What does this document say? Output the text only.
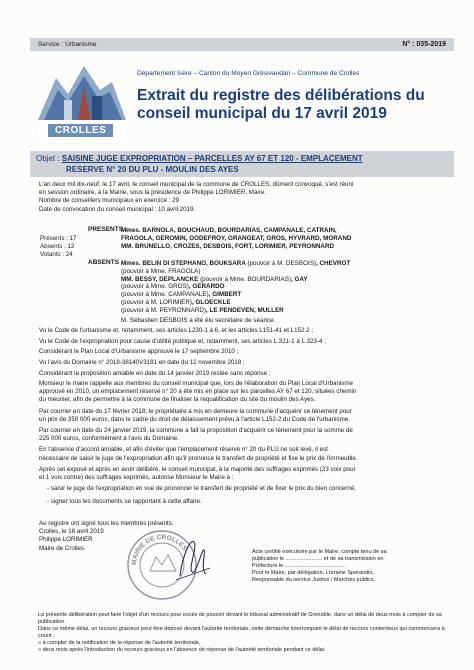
Service : Urbanisme	N° : 035-2019
CROLLES
Département Isère – Canton du Moyen Grésivaudan – Commune de Crolles
Extrait du registre des délibérations du
conseil municipal du 17 avril 2019
Objet : SAISINE JUGE EXPROPRIATION – PARCELLES AY 67 ET 120 - EMPLACEMENT
RESERVE N° 20 DU PLU - MOULIN DES AYES
L'an deux mil dix-neuf, le 17 avril, le conseil municipal de la commune de CROLLES, dûment convoqué, s'est réuni
en session ordinaire, à la Mairie, sous la présidence de Philippe LORIMIER, Maire.
Nombre de conseillers municipaux en exercice : 29
Date de convocation du conseil municipal : 10 avril 2019.
Présents : 17
Absents : 12
Votants : 24
PRESENTS :
Mmes. BARNOLA, BOUCHAUD, BOURDARIAS, CAMPANALE, CATRAIN,
FRAGOLA, GEROMIN, GODEFROY, GRANGEAT, GROS, HYVRARD, MORAND
MM. BRUNELLO, CROZES, DESBOIS, FORT, LORIMIER, PEYRONNARD
ABSENTS :
Mmes. BELIN DI STEPHANO, BOUKSARA (pouvoir à M. DESBOIS), CHEVROT
(pouvoir à Mme. FRAGOLA)
MM. BESSY, DEPLANCKE (pouvoir à Mme. BOURDARIAS), GAY
(pouvoir à Mme. GROS), GERARDO
(pouvoir à Mme. CAMPANALE), GIMBERT
(pouvoir à M. LORIMIER), GLOECKLE
(pouvoir à M. PEYRONNARD), LE PENDEVEN, MULLER
M. Sébastien DESBOIS a été élu secrétaire de séance.
Vu le Code de l'urbanisme et, notamment, ses articles L230-1 à 6, et les articles L151-41 et L152.2 ;
Vu le Code de l'expropriation pour cause d'utilité publique et, notamment, ses articles L.321-1 à L.323-4 ;
Considérant le Plan Local d'Urbanisme approuvé le 17 septembre 2010 ;
Vu l'avis du Domaine n° 2018-38140V3181 en date du 12 novembre 2018 ;
Considérant la proposition amiable en date du 14 janvier 2019 restée sans réponse ;
Monsieur le maire rappelle aux membres du conseil municipal que, lors de l'élaboration du Plan Local d'Urbanisme
approuvé en 2010, un emplacement réservé n° 20 a été mis en place sur les parcelles AY 67 et 120, situées chemin
du meunier, afin de permettre à la commune de finaliser la requalification du site du moulin des Ayes.
Par courrier en date du 17 février 2018, le propriétaire a mis en demeure la commune d'acquérir ce tènement pour
un prix de 350 000 euros, dans le cadre du droit de délaissement prévu à l'article L152-2 du Code de l'urbanisme.
Par courrier en date du 24 janvier 2019, la commune a fait la proposition d'acquérir ce tènement pour la somme de
225 000 euros, conformément à l'avis du Domaine.
En l'absence d'accord amiable, et afin d'éviter que l'emplacement réservé n° 20 du PLU ne soit levé, il est
nécessaire de saisir le juge de l'expropriation afin qu'il prononce le transfert de propriété et fixe le prix de l'immeuble.
Après cet exposé et après en avoir délibéré, le conseil municipal, à la majorité des suffrages exprimés (23 voix pour
et 1 voix contre) des suffrages exprimés, autorise Monsieur le Maire à :
- saisir le juge de l'expropriation en vue de prononcer le transfert de propriété et de fixer le prix du bien concerné,
- signer tous les documents se rapportant à cette affaire.
Au registre ont signé tous les membres présents.
Crolles, le 18 avril 2019
Philippe LORIMIER
Maire de Crolles
MAIRIE DE CROLLES	Acte certifié exécutoire par le Maire, compte tenu de sa
publication le ........................ et de sa transmission en
Préfecture le ........................................
Pour le Maire, par délégation, Lorraine Sperandio,
Responsable du service Justice / Marchés publics.
La présente délibération peut faire l'objet d'un recours pour excès de pouvoir devant le tribunal administratif de Grenoble, dans un délai de deux mois à compter de sa publication.
Dans ce même délai, un recours gracieux peut être déposé devant l'autorité territoriale, cette démarche interrompant le délai de recours contentieux qui commencera à courir :
» à compter de la notification de la réponse de l'autorité territoriale,
» deux mois après l'introduction du recours gracieux en l'absence de réponse de l'autorité territoriale pendant ce délai.
